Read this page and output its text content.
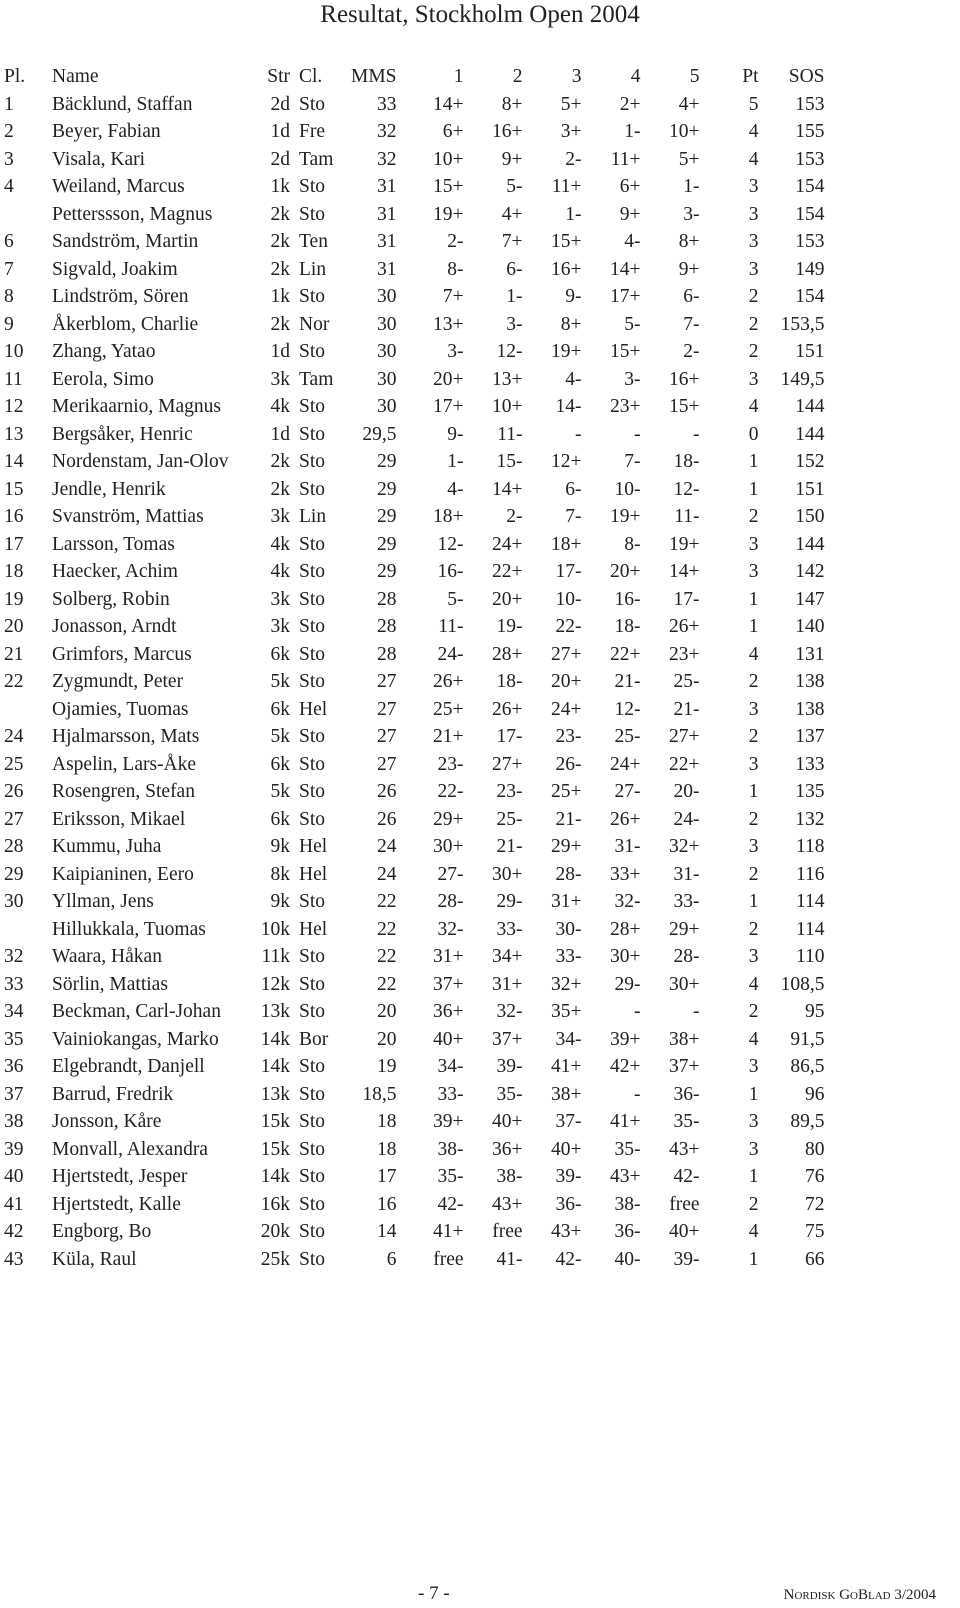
Resultat, Stockholm Open 2004
Pl.	Name	Str	Cl.	MMS	1	2	3	4	5	Pt	SOS
1	Bäcklund, Staffan	2d	Sto	33	14+	8+	5+	2+	4+	5	153
2	Beyer, Fabian	1d	Fre	32	6+	16+	3+	1-	10+	4	155
3	Visala, Kari	2d	Tam	32	10+	9+	2-	11+	5+	4	153
4	Weiland, Marcus	1k	Sto	31	15+	5-	11+	6+	1-	3	154
	Petterssson, Magnus	2k	Sto	31	19+	4+	1-	9+	3-	3	154
6	Sandström, Martin	2k	Ten	31	2-	7+	15+	4-	8+	3	153
7	Sigvald, Joakim	2k	Lin	31	8-	6-	16+	14+	9+	3	149
8	Lindström, Sören	1k	Sto	30	7+	1-	9-	17+	6-	2	154
9	Åkerblom, Charlie	2k	Nor	30	13+	3-	8+	5-	7-	2	153,5
10	Zhang, Yatao	1d	Sto	30	3-	12-	19+	15+	2-	2	151
11	Eerola, Simo	3k	Tam	30	20+	13+	4-	3-	16+	3	149,5
12	Merikaarnio, Magnus	4k	Sto	30	17+	10+	14-	23+	15+	4	144
13	Bergsåker, Henric	1d	Sto	29,5	9-	11-	-	-	-	0	144
14	Nordenstam, Jan-Olov	2k	Sto	29	1-	15-	12+	7-	18-	1	152
15	Jendle, Henrik	2k	Sto	29	4-	14+	6-	10-	12-	1	151
16	Svanström, Mattias	3k	Lin	29	18+	2-	7-	19+	11-	2	150
17	Larsson, Tomas	4k	Sto	29	12-	24+	18+	8-	19+	3	144
18	Haecker, Achim	4k	Sto	29	16-	22+	17-	20+	14+	3	142
19	Solberg, Robin	3k	Sto	28	5-	20+	10-	16-	17-	1	147
20	Jonasson, Arndt	3k	Sto	28	11-	19-	22-	18-	26+	1	140
21	Grimfors, Marcus	6k	Sto	28	24-	28+	27+	22+	23+	4	131
22	Zygmundt, Peter	5k	Sto	27	26+	18-	20+	21-	25-	2	138
	Ojamies, Tuomas	6k	Hel	27	25+	26+	24+	12-	21-	3	138
24	Hjalmarsson, Mats	5k	Sto	27	21+	17-	23-	25-	27+	2	137
25	Aspelin, Lars-Åke	6k	Sto	27	23-	27+	26-	24+	22+	3	133
26	Rosengren, Stefan	5k	Sto	26	22-	23-	25+	27-	20-	1	135
27	Eriksson, Mikael	6k	Sto	26	29+	25-	21-	26+	24-	2	132
28	Kummu, Juha	9k	Hel	24	30+	21-	29+	31-	32+	3	118
29	Kaipianinen, Eero	8k	Hel	24	27-	30+	28-	33+	31-	2	116
30	Yllman, Jens	9k	Sto	22	28-	29-	31+	32-	33-	1	114
	Hillukkala, Tuomas	10k	Hel	22	32-	33-	30-	28+	29+	2	114
32	Waara, Håkan	11k	Sto	22	31+	34+	33-	30+	28-	3	110
33	Sörlin, Mattias	12k	Sto	22	37+	31+	32+	29-	30+	4	108,5
34	Beckman, Carl-Johan	13k	Sto	20	36+	32-	35+	-	-	2	95
35	Vainiokangas, Marko	14k	Bor	20	40+	37+	34-	39+	38+	4	91,5
36	Elgebrandt, Danjell	14k	Sto	19	34-	39-	41+	42+	37+	3	86,5
37	Barrud, Fredrik	13k	Sto	18,5	33-	35-	38+	-	36-	1	96
38	Jonsson, Kåre	15k	Sto	18	39+	40+	37-	41+	35-	3	89,5
39	Monvall, Alexandra	15k	Sto	18	38-	36+	40+	35-	43+	3	80
40	Hjertstedt, Jesper	14k	Sto	17	35-	38-	39-	43+	42-	1	76
41	Hjertstedt, Kalle	16k	Sto	16	42-	43+	36-	38-	free	2	72
42	Engborg, Bo	20k	Sto	14	41+	free	43+	36-	40+	4	75
43	Küla, Raul	25k	Sto	6	free	41-	42-	40-	39-	1	66
- 7 -	Nordisk GoBlad 3/2004
